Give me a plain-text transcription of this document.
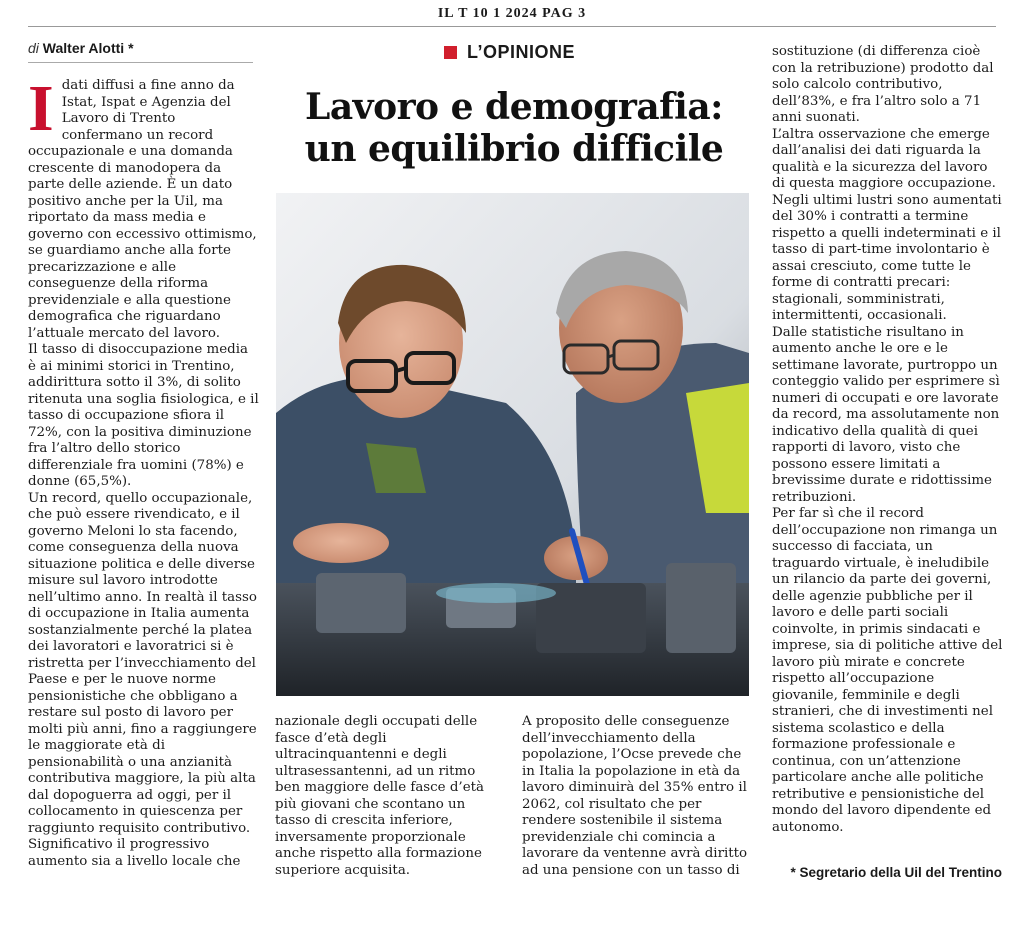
IL T 10 1 2024 PAG 3
di Walter Alotti *	L’OPINIONE
Lavoro e demografia:
un equilibrio difficile
I dati diffusi a fine anno da Istat, Ispat e Agenzia del Lavoro di Trento confermano un record occupazionale e una domanda crescente di manodopera da parte delle aziende. È un dato positivo anche per la Uil, ma riportato da mass media e governo con eccessivo ottimismo, se guardiamo anche alla forte precarizzazione e alle conseguenze della riforma previdenziale e alla questione demografica che riguardano l’attuale mercato del lavoro.

Il tasso di disoccupazione media è ai minimi storici in Trentino, addirittura sotto il 3%, di solito ritenuta una soglia fisiologica, e il tasso di occupazione sfiora il 72%, con la positiva diminuzione fra l’altro dello storico differenziale fra uomini (78%) e donne (65,5%).

Un record, quello occupazionale, che può essere rivendicato, e il governo Meloni lo sta facendo, come conseguenza della nuova situazione politica e delle diverse misure sul lavoro introdotte nell’ultimo anno. In realtà il tasso di occupazione in Italia aumenta sostanzialmente perché la platea dei lavoratori e lavoratrici si è ristretta per l’invecchiamento del Paese e per le nuove norme pensionistiche che obbligano a restare sul posto di lavoro per molti più anni, fino a raggiungere le maggiorate età di pensionabilità o una anzianità contributiva maggiore, la più alta dal dopoguerra ad oggi, per il collocamento in quiescenza per raggiunto requisito contributivo.

Significativo il progressivo aumento sia a livello locale che

nazionale degli occupati delle fasce d’età degli ultracinquantenni e degli ultrasessantenni, ad un ritmo ben maggiore delle fasce d’età più giovani che scontano un tasso di crescita inferiore, inversamente proporzionale anche rispetto alla formazione superiore acquisita.

A proposito delle conseguenze dell’invecchiamento della popolazione, l’Ocse prevede che in Italia la popolazione in età da lavoro diminuirà del 35% entro il 2062, col risultato che per rendere sostenibile il sistema previdenziale chi comincia a lavorare da ventenne avrà diritto ad una pensione con un tasso di

sostituzione (di differenza cioè con la retribuzione) prodotto dal solo calcolo contributivo, dell’83%, e fra l’altro solo a 71 anni suonati.

L’altra osservazione che emerge dall’analisi dei dati riguarda la qualità e la sicurezza del lavoro di questa maggiore occupazione. Negli ultimi lustri sono aumentati del 30% i contratti a termine rispetto a quelli indeterminati e il tasso di part-time involontario è assai cresciuto, come tutte le forme di contratti precari: stagionali, somministrati, intermittenti, occasionali.

Dalle statistiche risultano in aumento anche le ore e le settimane lavorate, purtroppo un conteggio valido per esprimere sì numeri di occupati e ore lavorate da record, ma assolutamente non indicativo della qualità di quei rapporti di lavoro, visto che possono essere limitati a brevissime durate e ridottissime retribuzioni.

Per far sì che il record dell’occupazione non rimanga un successo di facciata, un traguardo virtuale, è ineludibile un rilancio da parte dei governi, delle agenzie pubbliche per il lavoro e delle parti sociali coinvolte, in primis sindacati e imprese, sia di politiche attive del lavoro più mirate e concrete rispetto all’occupazione giovanile, femminile e degli stranieri, che di investimenti nel sistema scolastico e della formazione professionale e continua, con un’attenzione particolare anche alle politiche retributive e pensionistiche del mondo del lavoro dipendente ed autonomo.

* Segretario della Uil del Trentino
